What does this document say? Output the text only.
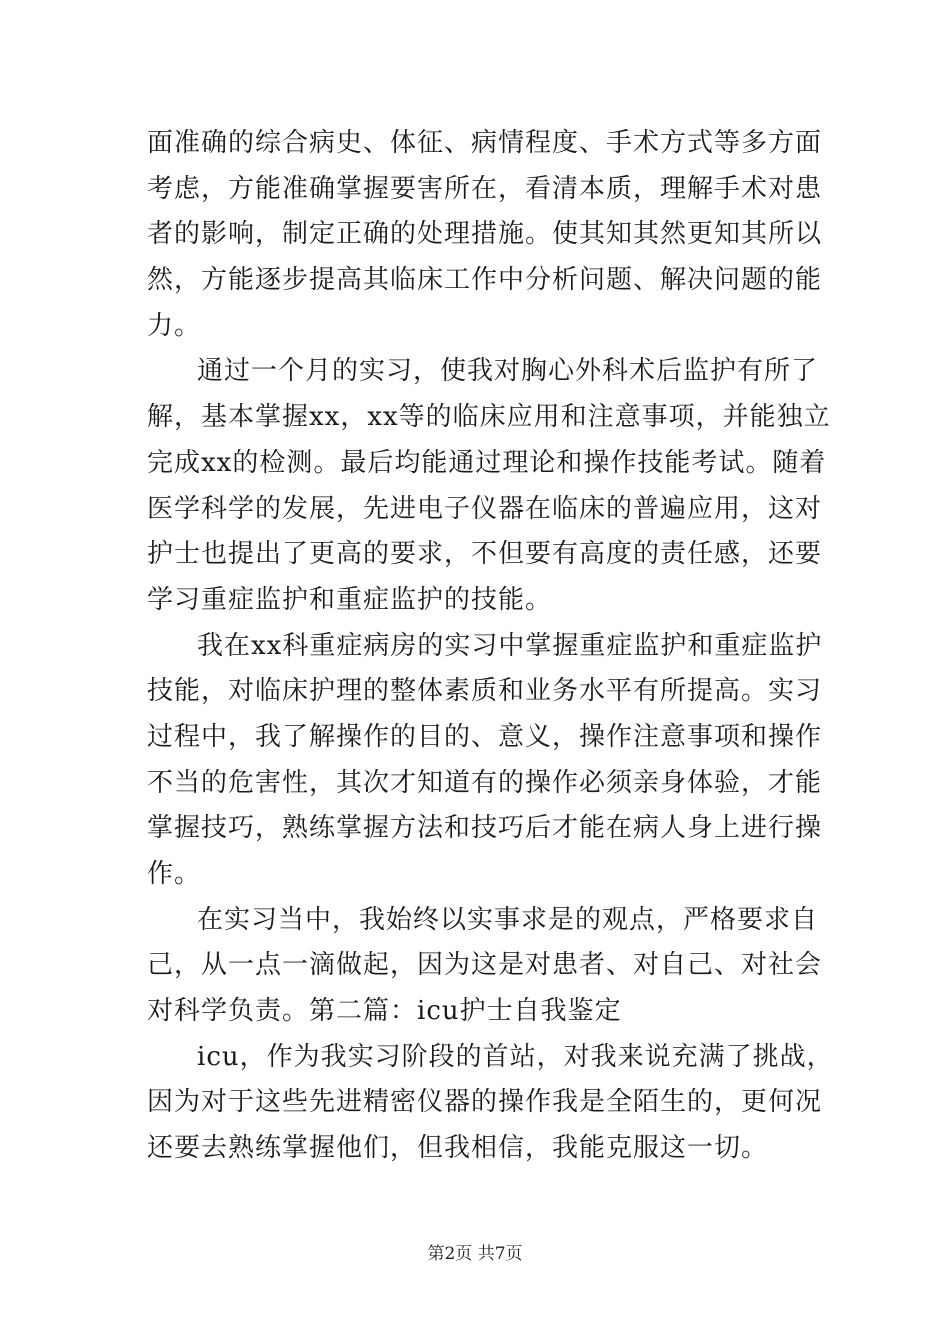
面准确的综合病史、体征、病情程度、手术方式等多方面
考虑，方能准确掌握要害所在，看清本质，理解手术对患
者的影响，制定正确的处理措施。使其知其然更知其所以
然，方能逐步提高其临床工作中分析问题、解决问题的能
力。
通过一个月的实习，使我对胸心外科术后监护有所了
解，基本掌握xx，xx等的临床应用和注意事项，并能独立
完成xx的检测。最后均能通过理论和操作技能考试。随着
医学科学的发展，先进电子仪器在临床的普遍应用，这对
护士也提出了更高的要求，不但要有高度的责任感，还要
学习重症监护和重症监护的技能。
我在xx科重症病房的实习中掌握重症监护和重症监护
技能，对临床护理的整体素质和业务水平有所提高。实习
过程中，我了解操作的目的、意义，操作注意事项和操作
不当的危害性，其次才知道有的操作必须亲身体验，才能
掌握技巧，熟练掌握方法和技巧后才能在病人身上进行操
作。
在实习当中，我始终以实事求是的观点，严格要求自
己，从一点一滴做起，因为这是对患者、对自己、对社会
对科学负责。第二篇：icu护士自我鉴定
icu，作为我实习阶段的首站，对我来说充满了挑战，
因为对于这些先进精密仪器的操作我是全陌生的，更何况
还要去熟练掌握他们，但我相信，我能克服这一切。
第2页 共7页
